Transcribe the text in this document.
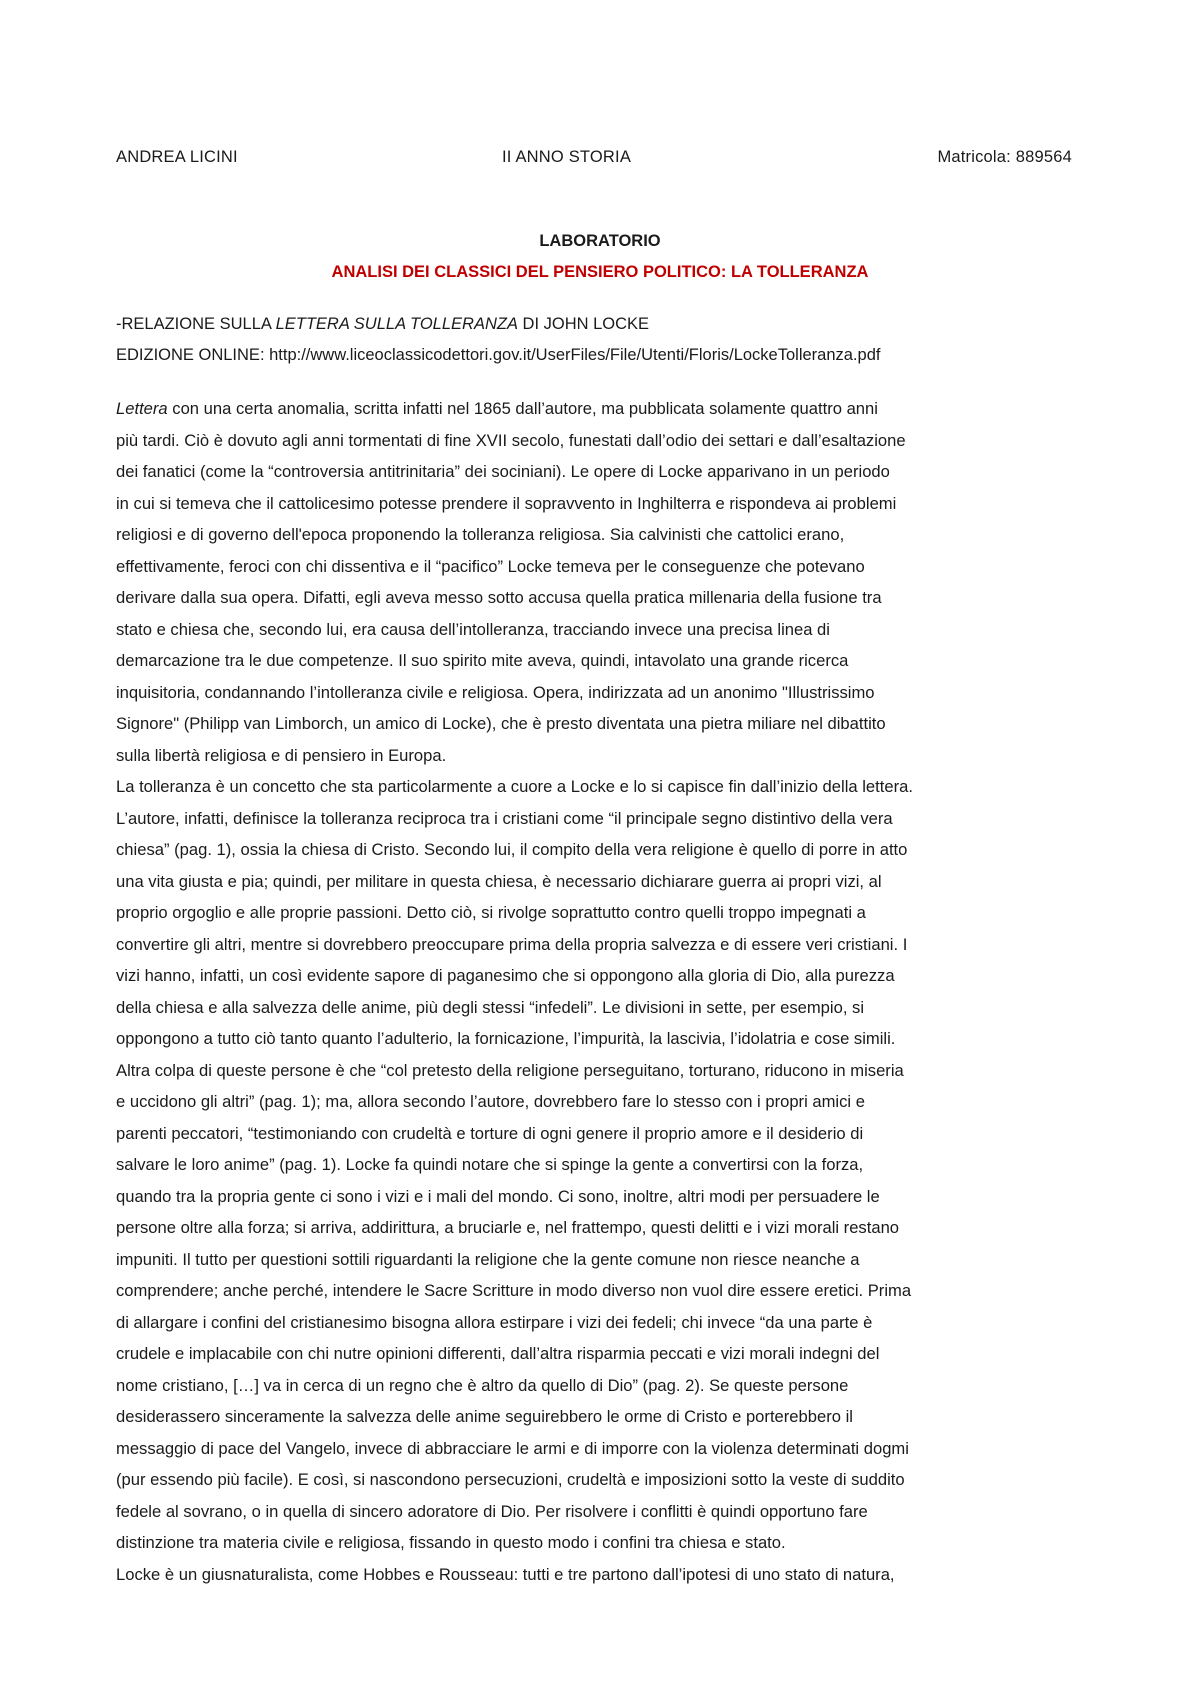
ANDREA LICINI	II ANNO STORIA	Matricola: 889564
LABORATORIO
ANALISI DEI CLASSICI DEL PENSIERO POLITICO: LA TOLLERANZA
-RELAZIONE SULLA LETTERA SULLA TOLLERANZA DI JOHN LOCKE
EDIZIONE ONLINE: http://www.liceoclassicodettori.gov.it/UserFiles/File/Utenti/Floris/LockeTolleranza.pdf
Lettera con una certa anomalia, scritta infatti nel 1865 dall’autore, ma pubblicata solamente quattro anni
più tardi. Ciò è dovuto agli anni tormentati di fine XVII secolo, funestati dall’odio dei settari e dall’esaltazione
dei fanatici (come la “controversia antitrinitaria” dei sociniani). Le opere di Locke apparivano in un periodo
in cui si temeva che il cattolicesimo potesse prendere il sopravvento in Inghilterra e rispondeva ai problemi
religiosi e di governo dell'epoca proponendo la tolleranza religiosa. Sia calvinisti che cattolici erano,
effettivamente, feroci con chi dissentiva e il “pacifico” Locke temeva per le conseguenze che potevano
derivare dalla sua opera. Difatti, egli aveva messo sotto accusa quella pratica millenaria della fusione tra
stato e chiesa che, secondo lui, era causa dell’intolleranza, tracciando invece una precisa linea di
demarcazione tra le due competenze. Il suo spirito mite aveva, quindi, intavolato una grande ricerca
inquisitoria, condannando l’intolleranza civile e religiosa. Opera, indirizzata ad un anonimo "Illustrissimo
Signore" (Philipp van Limborch, un amico di Locke), che è presto diventata una pietra miliare nel dibattito
sulla libertà religiosa e di pensiero in Europa.
La tolleranza è un concetto che sta particolarmente a cuore a Locke e lo si capisce fin dall’inizio della lettera.
L’autore, infatti, definisce la tolleranza reciproca tra i cristiani come “il principale segno distintivo della vera
chiesa” (pag. 1), ossia la chiesa di Cristo. Secondo lui, il compito della vera religione è quello di porre in atto
una vita giusta e pia; quindi, per militare in questa chiesa, è necessario dichiarare guerra ai propri vizi, al
proprio orgoglio e alle proprie passioni. Detto ciò, si rivolge soprattutto contro quelli troppo impegnati a
convertire gli altri, mentre si dovrebbero preoccupare prima della propria salvezza e di essere veri cristiani. I
vizi hanno, infatti, un così evidente sapore di paganesimo che si oppongono alla gloria di Dio, alla purezza
della chiesa e alla salvezza delle anime, più degli stessi “infedeli”. Le divisioni in sette, per esempio, si
oppongono a tutto ciò tanto quanto l’adulterio, la fornicazione, l’impurità, la lascivia, l’idolatria e cose simili.
Altra colpa di queste persone è che “col pretesto della religione perseguitano, torturano, riducono in miseria
e uccidono gli altri” (pag. 1); ma, allora secondo l’autore, dovrebbero fare lo stesso con i propri amici e
parenti peccatori, “testimoniando con crudeltà e torture di ogni genere il proprio amore e il desiderio di
salvare le loro anime” (pag. 1). Locke fa quindi notare che si spinge la gente a convertirsi con la forza,
quando tra la propria gente ci sono i vizi e i mali del mondo. Ci sono, inoltre, altri modi per persuadere le
persone oltre alla forza; si arriva, addirittura, a bruciarle e, nel frattempo, questi delitti e i vizi morali restano
impuniti. Il tutto per questioni sottili riguardanti la religione che la gente comune non riesce neanche a
comprendere; anche perché, intendere le Sacre Scritture in modo diverso non vuol dire essere eretici. Prima
di allargare i confini del cristianesimo bisogna allora estirpare i vizi dei fedeli; chi invece “da una parte è
crudele e implacabile con chi nutre opinioni differenti, dall’altra risparmia peccati e vizi morali indegni del
nome cristiano, […] va in cerca di un regno che è altro da quello di Dio” (pag. 2). Se queste persone
desiderassero sinceramente la salvezza delle anime seguirebbero le orme di Cristo e porterebbero il
messaggio di pace del Vangelo, invece di abbracciare le armi e di imporre con la violenza determinati dogmi
(pur essendo più facile). E così, si nascondono persecuzioni, crudeltà e imposizioni sotto la veste di suddito
fedele al sovrano, o in quella di sincero adoratore di Dio. Per risolvere i conflitti è quindi opportuno fare
distinzione tra materia civile e religiosa, fissando in questo modo i confini tra chiesa e stato.
Locke è un giusnaturalista, come Hobbes e Rousseau: tutti e tre partono dall’ipotesi di uno stato di natura,
